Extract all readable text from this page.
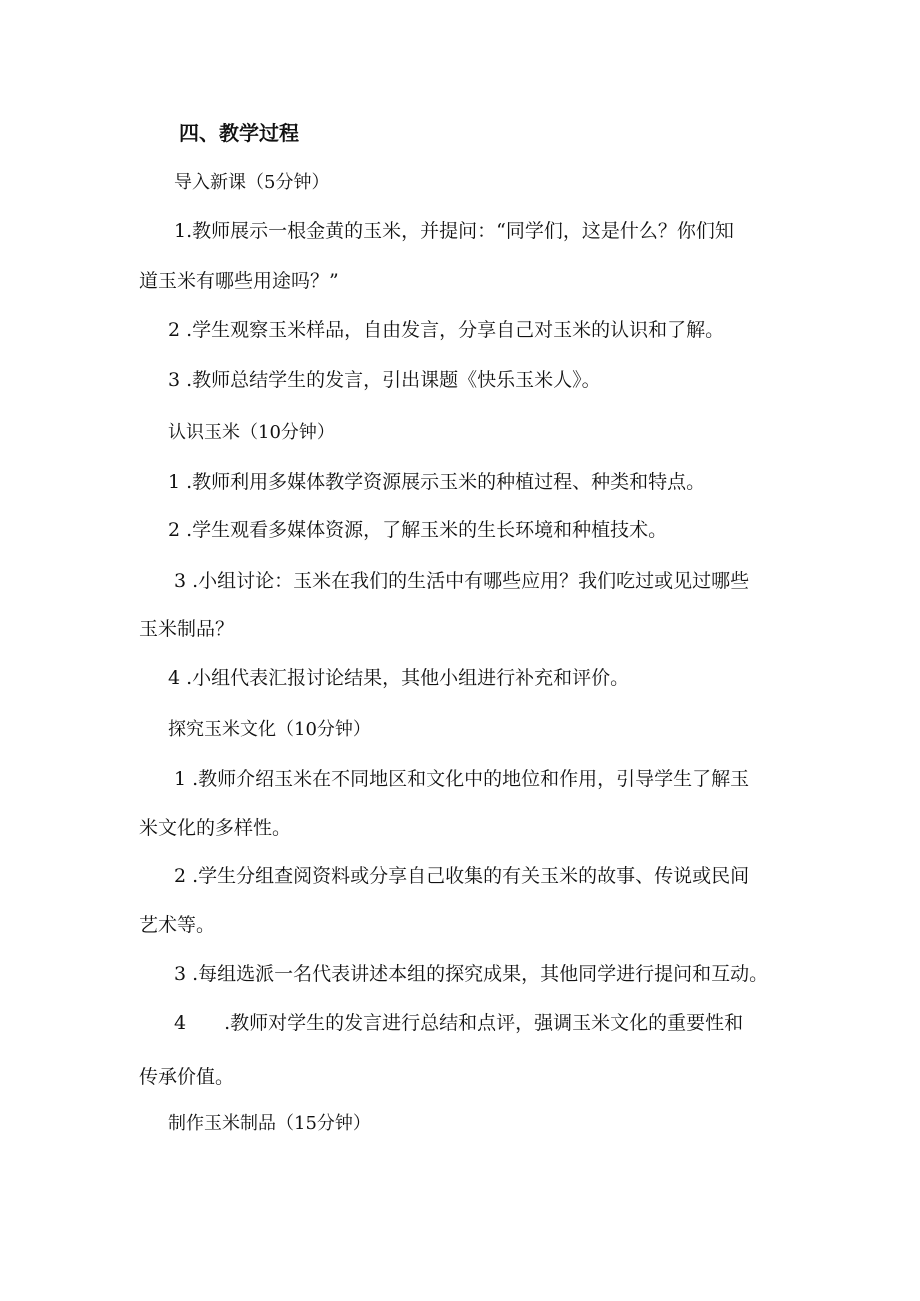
四、教学过程
导入新课（5分钟）
1.教师展示一根金黄的玉米，并提问：“同学们，这是什么？你们知
道玉米有哪些用途吗？”
2 .学生观察玉米样品，自由发言，分享自己对玉米的认识和了解。
3 .教师总结学生的发言，引出课题《快乐玉米人》。
认识玉米（10分钟）
1 .教师利用多媒体教学资源展示玉米的种植过程、种类和特点。
2 .学生观看多媒体资源，了解玉米的生长环境和种植技术。
3 .小组讨论：玉米在我们的生活中有哪些应用？我们吃过或见过哪些
玉米制品？
4 .小组代表汇报讨论结果，其他小组进行补充和评价。
探究玉米文化（10分钟）
1 .教师介绍玉米在不同地区和文化中的地位和作用，引导学生了解玉
米文化的多样性。
2 .学生分组查阅资料或分享自己收集的有关玉米的故事、传说或民间
艺术等。
3 .每组选派一名代表讲述本组的探究成果，其他同学进行提问和互动。
4　　.教师对学生的发言进行总结和点评，强调玉米文化的重要性和
传承价值。
制作玉米制品（15分钟）
